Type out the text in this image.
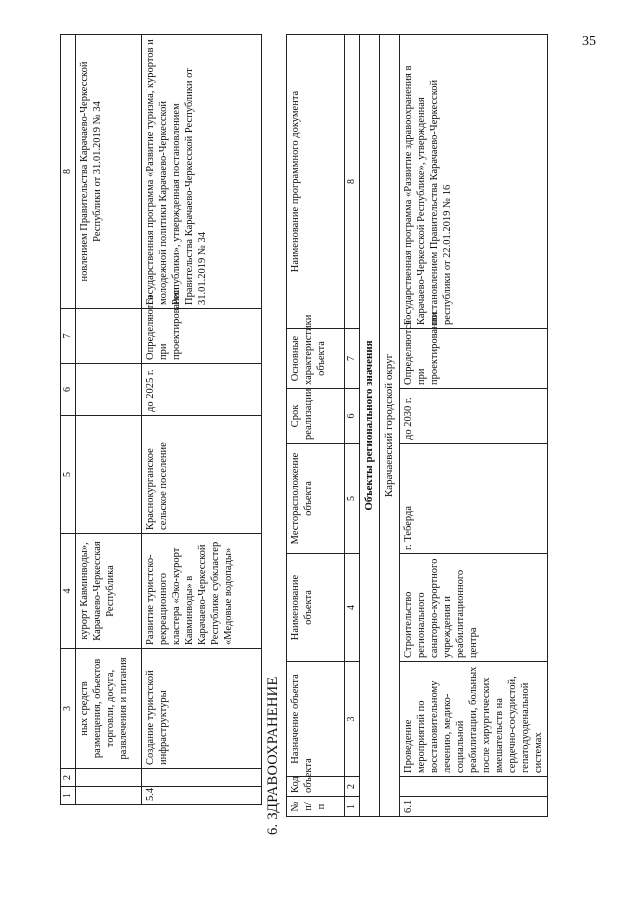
35
1	2	3	4	5	6	7	8
		ных средств размещения, объектов торговли, досуга, развлечения и питания	курорт Кавминводы», Карачаево-Черкесская Республика				новлением Правительства Карачаево-Черкесской Республики от 31.01.2019 № 34
5.4		Создание туристской инфраструктуры	Развитие туристско-рекреационного кластера «Эко-курорт Кавминводы» в Карачаево-Черкесской Республике субкластер «Медовые водопады»	Краснокурганское сельское поселение	до 2025 г.	Определяются при проектировании	Государственная программа «Развитие туризма, курортов и молодежной политики Карачаево-Черкесской Республики», утвержденная постановлением Правительства Карачаево-Черкесской Республики от 31.01.2019 № 34
6. ЗДРАВООХРАНЕНИЕ № п/п	Код объекта	Назначение объекта	Наименование объекта	Месторасположение объекта	Срок реализации	Основные характеристики объекта	Наименование программного документа
1	2	3	4	5	6	7	8
Объекты регионального значения							
Карачаевский городской округ							
6.1		Проведение мероприятий по восстановительному лечению, медико-социальной реабилитации, больных после хирургических вмешательств на сердечно-сосудистой, гепатодуоденальной системах	Строительство регионального санаторно-курортного учреждения и реабилитационного центра	г. Теберда	до 2030 г.	Определяются при проектировании	Государственная программа «Развитие здравоохранения в Карачаево-Черкесской Республике», утвержденная постановлением Правительства Карачаево-Черкесской республики от 22.01.2019 № 16
